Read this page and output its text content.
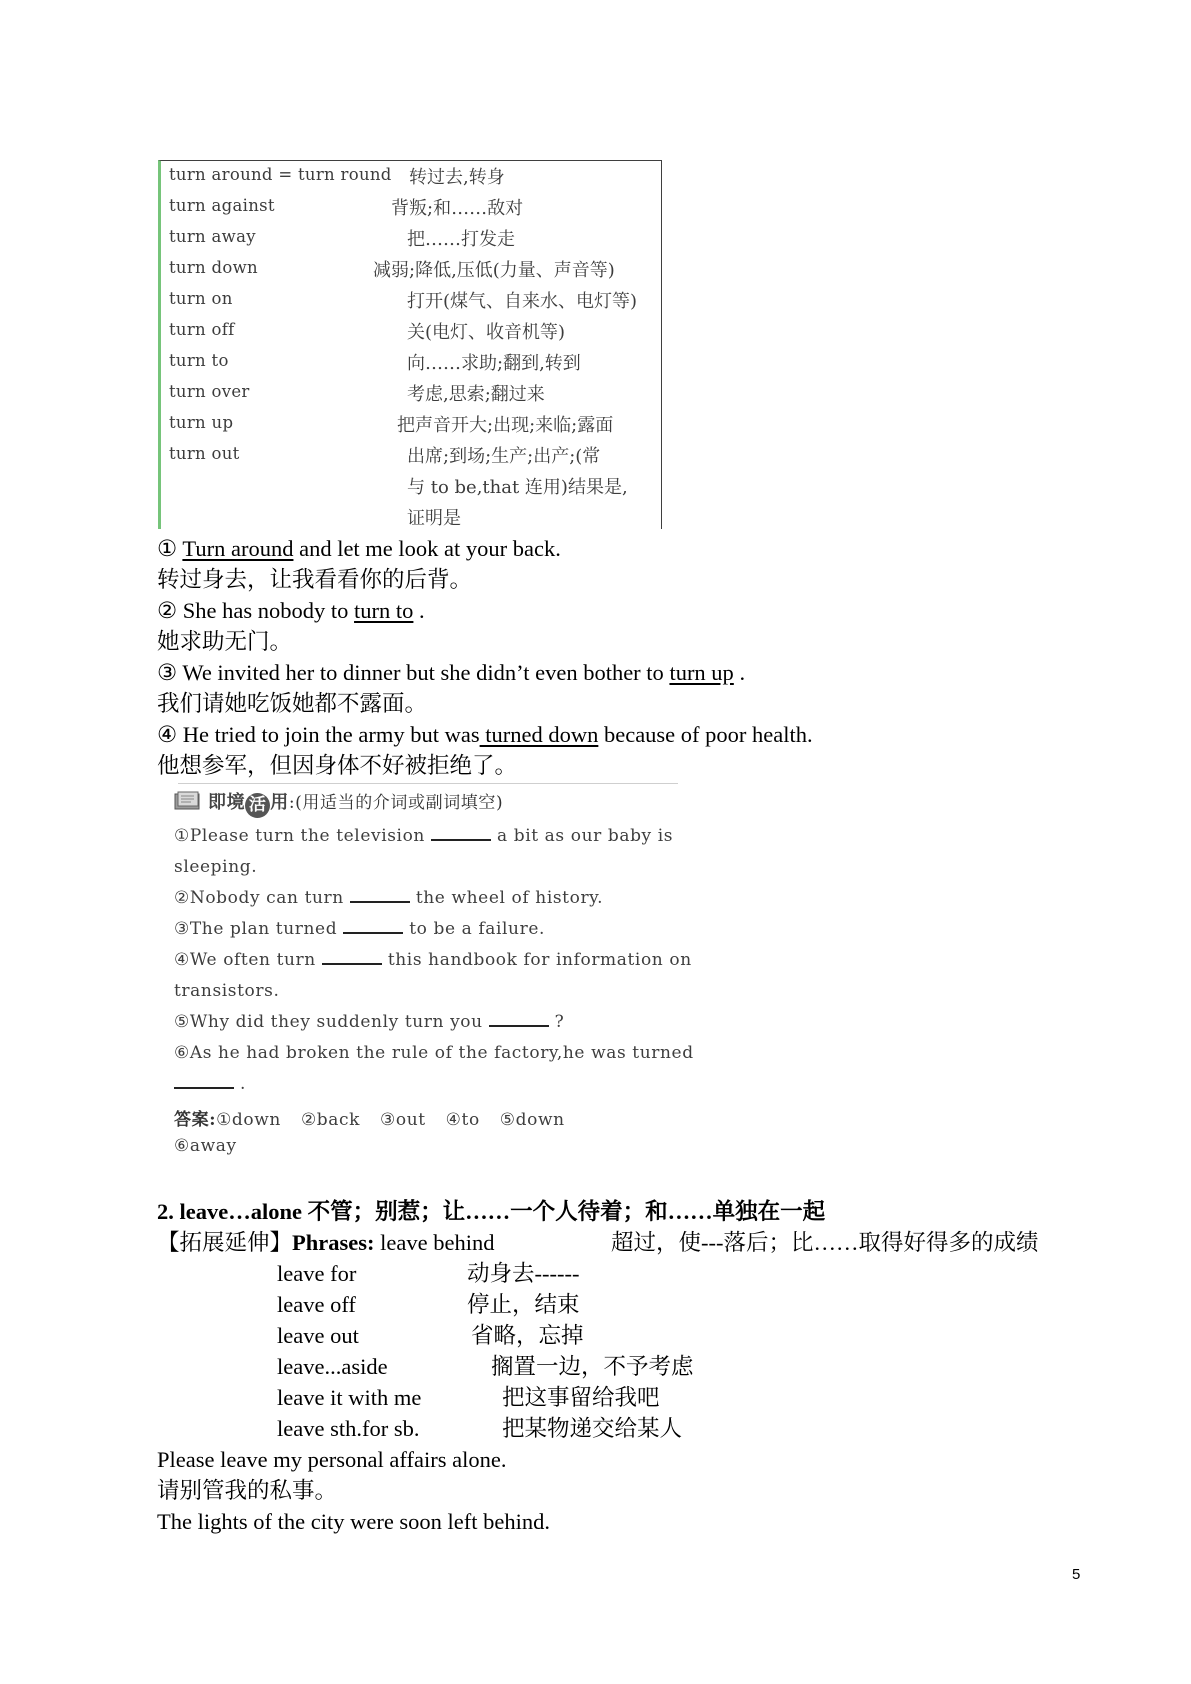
turn around = turn round 转过去,转身
turn against	背叛;和……敌对
turn away	把……打发走
turn down	减弱;降低,压低(力量、声音等)
turn on	打开(煤气、自来水、电灯等)
turn off	关(电灯、收音机等)
turn to	向……求助;翻到,转到
turn over	考虑,思索;翻过来
turn up	把声音开大;出现;来临;露面
turn out	出席;到场;生产;出产;(常
与 to be,that 连用)结果是,
证明是
① Turn around and let me look at your back.
转过身去，让我看看你的后背。
② She has nobody to turn to .
她求助无门。
③ We invited her to dinner but she didn’t even bother to turn up .
我们请她吃饭她都不露面。
④ He tried to join the army but was turned down because of poor health.
他想参军，但因身体不好被拒绝了。
即境 活 用:(用适当的介词或副词填空)
①Please turn the television	a bit as our baby is
sleeping.
②Nobody can turn	the wheel of history.
③The plan turned	to be a failure.
④We often turn	this handbook for information on
transistors.
⑤Why did they suddenly turn you	?
⑥As he had broken the rule of the factory,he was turned
.
答案:①down ②back ③out ④to ⑤down
⑥away
2. leave…alone 不管；别惹；让……一个人待着；和……单独在一起
【拓展延伸】Phrases: leave behind	超过，使---落后；比……取得好得多的成绩
leave for	动身去------
leave off	停止，结束
leave out	省略，忘掉
leave...aside	搁置一边，不予考虑
leave it with me	把这事留给我吧
leave sth.for sb.	把某物递交给某人
Please leave my personal affairs alone.
请别管我的私事。
The lights of the city were soon left behind.
5
